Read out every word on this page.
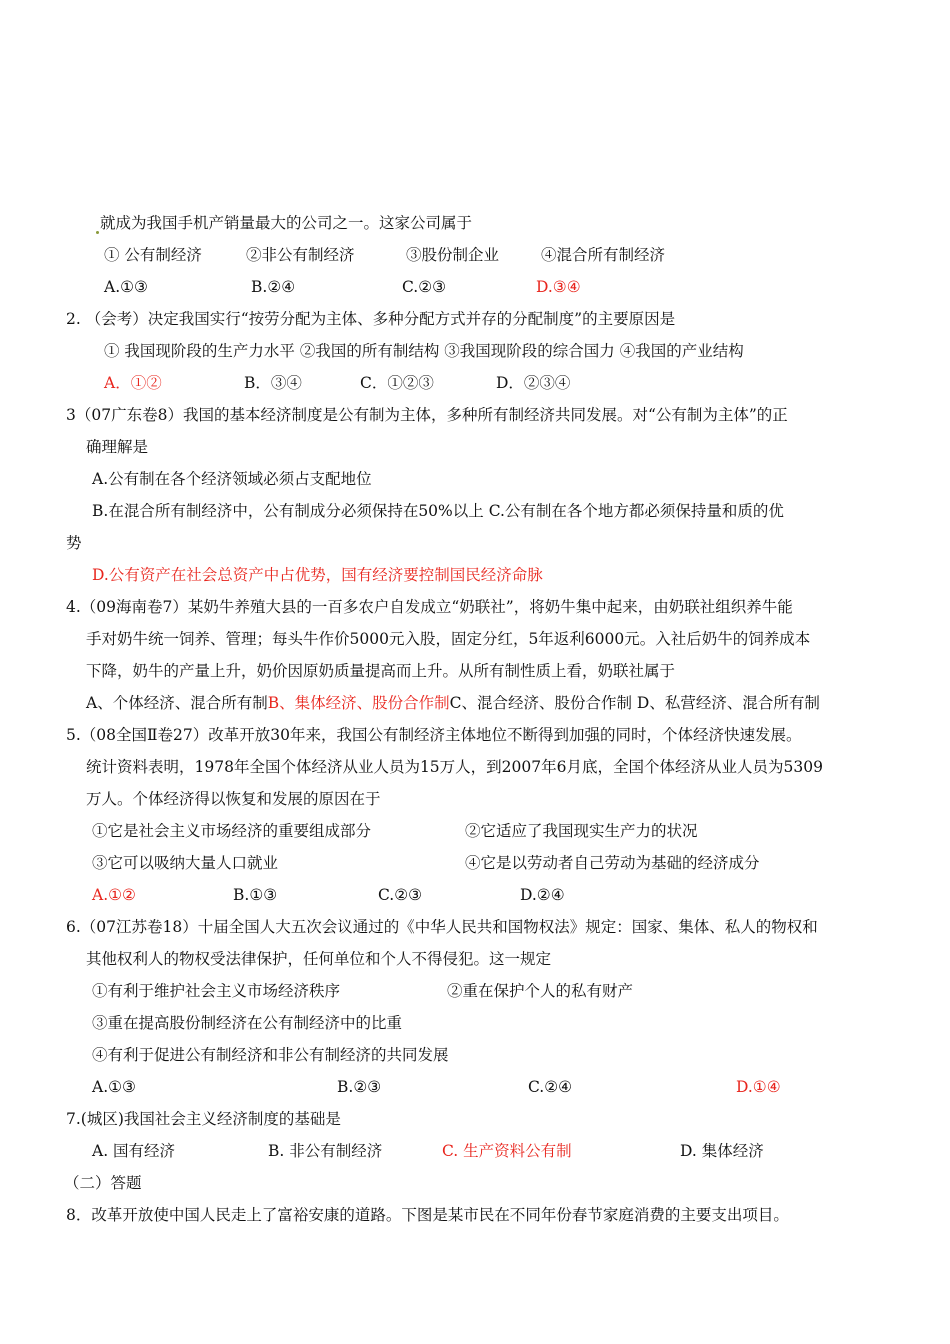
就成为我国手机产销量最大的公司之一。这家公司属于
① 公有制经济	②非公有制经济	③股份制企业	④混合所有制经济
A.①③	B.②④	C.②③	D.③④
2. （会考）决定我国实行“按劳分配为主体、多种分配方式并存的分配制度”的主要原因是
① 我国现阶段的生产力水平 ②我国的所有制结构 ③我国现阶段的综合国力 ④我国的产业结构
A．①②	B．③④	C．①②③	D．②③④
3（07广东卷8）我国的基本经济制度是公有制为主体，多种所有制经济共同发展。对“公有制为主体”的正
确理解是
A.公有制在各个经济领域必须占支配地位
B.在混合所有制经济中，公有制成分必须保持在50%以上 C.公有制在各个地方都必须保持量和质的优
势
D.公有资产在社会总资产中占优势，国有经济要控制国民经济命脉
4.（09海南卷7）某奶牛养殖大县的一百多农户自发成立“奶联社”，将奶牛集中起来，由奶联社组织养牛能
手对奶牛统一饲养、管理；每头牛作价5000元入股，固定分红，5年返利6000元。入社后奶牛的饲养成本
下降，奶牛的产量上升，奶价因原奶质量提高而上升。从所有制性质上看，奶联社属于
A、个体经济、混合所有制B、集体经济、股份合作制C、混合经济、股份合作制 D、私营经济、混合所有制
5.（08全国Ⅱ卷27）改革开放30年来，我国公有制经济主体地位不断得到加强的同时，个体经济快速发展。
统计资料表明，1978年全国个体经济从业人员为15万人，到2007年6月底，全国个体经济从业人员为5309
万人。个体经济得以恢复和发展的原因在于
①它是社会主义市场经济的重要组成部分	②它适应了我国现实生产力的状况
③它可以吸纳大量人口就业	④它是以劳动者自己劳动为基础的经济成分
A.①②	B.①③	C.②③	D.②④
6.（07江苏卷18）十届全国人大五次会议通过的《中华人民共和国物权法》规定：国家、集体、私人的物权和
其他权利人的物权受法律保护，任何单位和个人不得侵犯。这一规定
①有利于维护社会主义市场经济秩序	②重在保护个人的私有财产
③重在提高股份制经济在公有制经济中的比重
④有利于促进公有制经济和非公有制经济的共同发展
A.①③	B.②③	C.②④	D.①④
7.(城区)我国社会主义经济制度的基础是
A. 国有经济	B. 非公有制经济	C. 生产资料公有制	D. 集体经济
（二）答题
8．改革开放使中国人民走上了富裕安康的道路。下图是某市民在不同年份春节家庭消费的主要支出项目。
